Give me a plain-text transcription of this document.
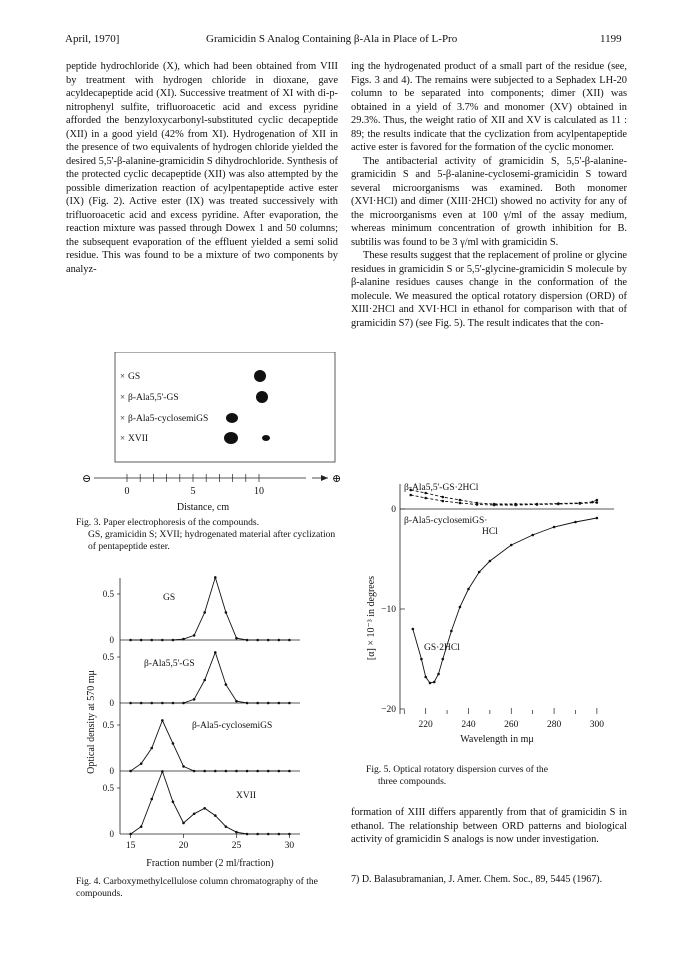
April, 1970]	Gramicidin S Analog Containing β-Ala in Place of L-Pro	1199

peptide hydrochloride (X), which had been obtained from VIII by treatment with hydrogen chloride in dioxane, gave acyldecapeptide acid (XI). Successive treatment of XI with di-p-nitrophenyl sulfite, trifluoroacetic acid and excess pyridine afforded the benzyloxycarbonyl-substituted cyclic decapeptide (XII) in a good yield (42% from XI). Hydrogenation of XII in the presence of two equivalents of hydrogen chloride yielded the desired 5,5'-β-alanine-gramicidin S dihydrochloride. Synthesis of the protected cyclic decapeptide (XII) was also attempted by the possible dimerization reaction of acylpentapeptide active ester (IX) (Fig. 2). Active ester (IX) was treated successively with trifluoroacetic acid and excess pyridine. After evaporation, the reaction mixture was passed through Dowex 1 and 50 columns; the subsequent evaporation of the effluent yielded a semi solid residue. This was found to be a mixture of two components by analyz-

ing the hydrogenated product of a small part of the residue (see, Figs. 3 and 4). The remains were subjected to a Sephadex LH-20 column to be separated into components; dimer (XII) was obtained in a yield of 3.7% and monomer (XV) obtained in 29.3%. Thus, the weight ratio of XII and XV is calculated as 11 : 89; the results indicate that the cyclization from acylpentapeptide active ester is favored for the formation of the cyclic monomer.

The antibacterial activity of gramicidin S, 5,5'-β-alanine-gramicidin S and 5-β-alanine-cyclosemi-gramicidin S toward several microorganisms was examined. Both monomer (XVI·HCl) and dimer (XIII·2HCl) showed no activity for any of the microorganisms even at 100 γ/ml of the assay medium, whereas minimum concentration of growth inhibition for B. subtilis was found to be 3 γ/ml with gramicidin S.

These results suggest that the replacement of proline or glycine residues in gramicidin S or 5,5'-glycine-gramicidin S molecule by β-alanine residues causes change in the conformation of the molecule. We measured the optical rotatory dispersion (ORD) of XIII·2HCl and XVI·HCl in ethanol for comparison with that of gramicidin S7) (see Fig. 5). The result indicates that the con-

× GS
× β-Ala5,5'-GS
× β-Ala5-cyclosemiGS
× XVII
0	5	10
⊖	⊕
Distance, cm
Fig. 3. Paper electrophoresis of the compounds.
GS, gramicidin S; XVII; hydrogenated material after cyclization of pentapeptide ester.
0
0.5
0
0.5
0
0.5
0
0.5
GS
β-Ala5,5'-GS
β-Ala5-cyclosemiGS
XVII
15	20	25	30
Fraction number (2 ml/fraction)
Optical density at 570 mμ
Fig. 4. Carboxymethylcellulose column chromatography of the compounds.
0
−10
−20
220	240	260	280	300
β-Ala5,5'-GS·2HCl
β-Ala5-cyclosemiGS·
HCl
GS·2HCl
Wavelength in mμ
[α] × 10⁻³ in degrees
Fig. 5. Optical rotatory dispersion curves of the
three compounds.

formation of XIII differs apparently from that of gramicidin S in ethanol. The relationship between ORD patterns and biological activity of gramicidin S analogs is now under investigation.

7) D. Balasubramanian, J. Amer. Chem. Soc., 89, 5445 (1967).
